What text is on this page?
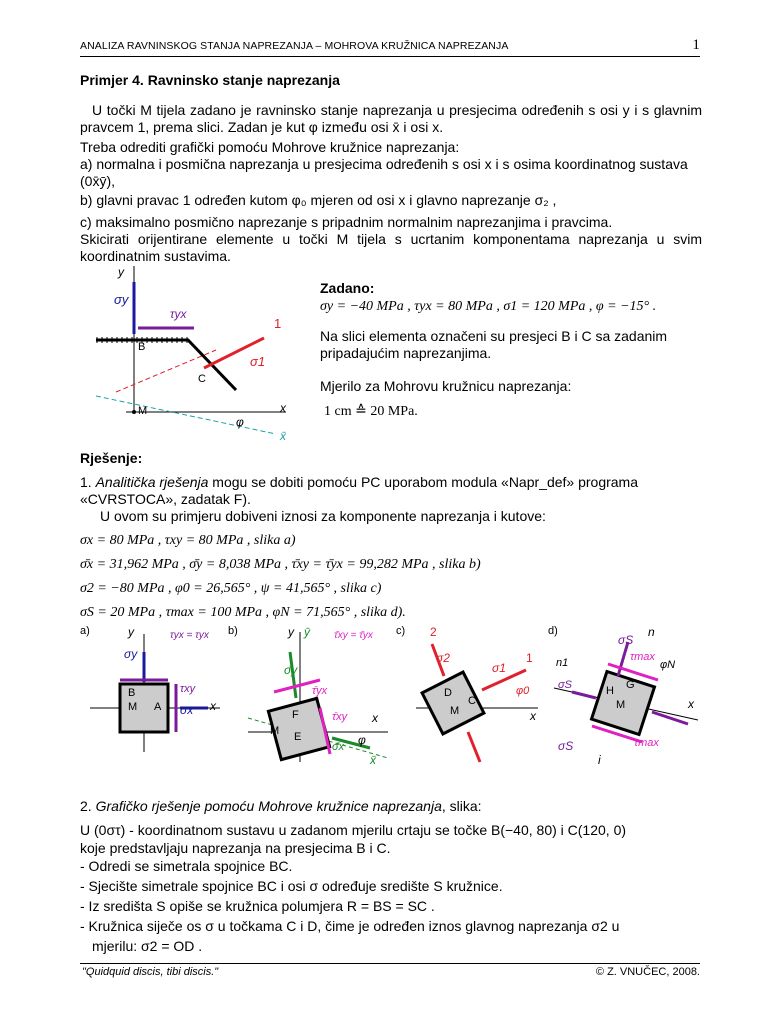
ANALIZA RAVNINSKOG STANJA NAPREZANJA – MOHROVA KRUŽNICA NAPREZANJA	1
Primjer 4. Ravninsko stanje naprezanja
U točki M tijela zadano je ravninsko stanje naprezanja u presjecima određenih s osi y i s glavnim pravcem 1, prema slici. Zadan je kut φ između osi x̄ i osi x.
Treba odrediti grafički pomoću Mohrove kružnice naprezanja:
a) normalna i posmična naprezanja u presjecima određenih s osi x i s osima koordinatnog sustava (0x̄ȳ),
b) glavni pravac 1 određen kutom φ₀ mjeren od osi x i glavno naprezanje σ₂ ,
c) maksimalno posmično naprezanje s pripadnim normalnim naprezanjima i pravcima.
Skicirati orijentirane elemente u točki M tijela s ucrtanim komponentama naprezanja u svim koordinatnim sustavima.
y
σy
τyx
1
σ1
B
C
M
φ
x
x̄
Zadano:
σy = −40 MPa , τyx = 80 MPa , σ1 = 120 MPa , φ = −15° .
Na slici elementa označeni su presjeci B i C sa zadanim pripadajućim naprezanjima.
Mjerilo za Mohrovu kružnicu naprezanja:
1 cm ≙ 20 MPa.
Rješenje:
1. Analitička rješenja mogu se dobiti pomoću PC uporabom modula «Napr_def» programa «CVRSTOCA», zadatak F).
U ovom su primjeru dobiveni iznosi za komponente naprezanja i kutove:
σx = 80 MPa , τxy = 80 MPa , slika a)
σ̄x = 31,962 MPa , σ̄y = 8,038 MPa , τ̄xy = τ̄yx = 99,282 MPa , slika b)
σ2 = −80 MPa , φ0 = 26,565° , ψ = 41,565° , slika c)
σS = 20 MPa , τmax = 100 MPa , φN = 71,565° , slika d).
a)	y	τyx = τyx
σy
τxy
σx
B
A
M	x
b)	y ȳ τ̄xy = τ̄yx
σ̄y
τ̄yx
τ̄xy
F
M E
σ̄x φ
x
x̄
c) 2
σ2
σ1
1
D
C
M
φ0
x
d)
σS
n
τmax
n1	φN
H G
M
σS
x
σS	τmax
i
2. Grafičko rješenje pomoću Mohrove kružnice naprezanja, slika:
U (0στ) - koordinatnom sustavu u zadanom mjerilu crtaju se točke B(−40, 80) i C(120, 0)
koje predstavljaju naprezanja na presjecima B i C.
- Odredi se simetrala spojnice BC.
- Sjecište simetrale spojnice BC i osi σ određuje središte S kružnice.
- Iz središta S opiše se kružnica polumjera R = BS = SC .
- Kružnica siječe os σ u točkama C i D, čime je određen iznos glavnog naprezanja σ2 u
mjerilu: σ2 = OD .
"Quidquid discis, tibi discis."	© Z. VNUČEC, 2008.
